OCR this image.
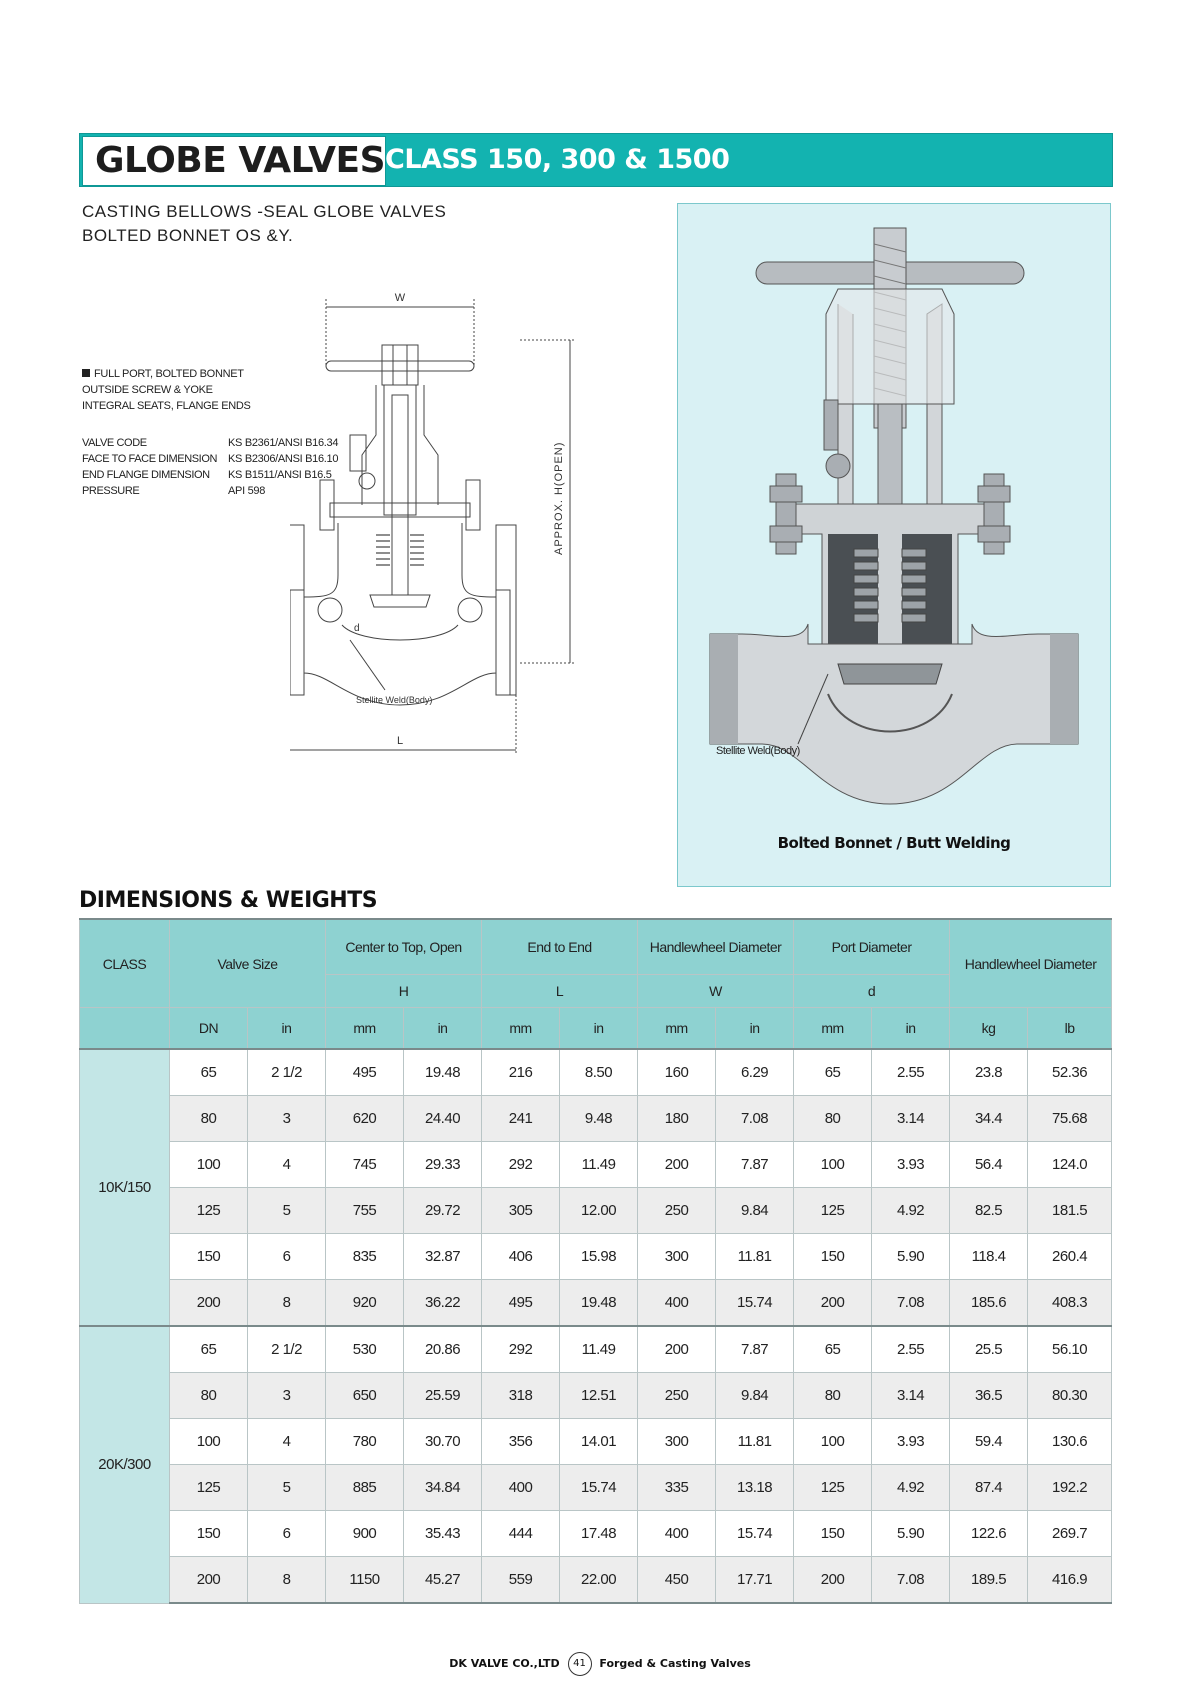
GLOBE VALVES CLASS 150, 300 & 1500
CASTING BELLOWS -SEAL GLOBE VALVES
BOLTED BONNET OS &Y.
FULL PORT, BOLTED BONNET
OUTSIDE SCREW & YOKE
INTEGRAL SEATS, FLANGE ENDS
VALVE CODE	KS B2361/ANSI B16.34
FACE TO FACE DIMENSION KS B2306/ANSI B16.10
END FLANGE DIMENSION	KS B1511/ANSI B16.5
PRESSURE	API 598
W
APPROX. H(OPEN)
d
Stellite Weld(Body)
L
Stellite Weld(Body)
Bolted Bonnet / Butt Welding
DIMENSIONS & WEIGHTS
CLASS	Valve Size		Center to Top, Open		End to End		Handlewheel Diameter		Port Diameter		Handlewheel Diameter	
			H		L		W		d			
	DN	in	mm	in	mm	in	mm	in	mm	in	kg	lb
10K/150	65	2 1/2	495	19.48	216	8.50	160	6.29	65	2.55	23.8	52.36
	80	3	620	24.40	241	9.48	180	7.08	80	3.14	34.4	75.68
	100	4	745	29.33	292	11.49	200	7.87	100	3.93	56.4	124.0
	125	5	755	29.72	305	12.00	250	9.84	125	4.92	82.5	181.5
	150	6	835	32.87	406	15.98	300	11.81	150	5.90	118.4	260.4
	200	8	920	36.22	495	19.48	400	15.74	200	7.08	185.6	408.3
20K/300	65	2 1/2	530	20.86	292	11.49	200	7.87	65	2.55	25.5	56.10
	80	3	650	25.59	318	12.51	250	9.84	80	3.14	36.5	80.30
	100	4	780	30.70	356	14.01	300	11.81	100	3.93	59.4	130.6
	125	5	885	34.84	400	15.74	335	13.18	125	4.92	87.4	192.2
	150	6	900	35.43	444	17.48	400	15.74	150	5.90	122.6	269.7
	200	8	1150	45.27	559	22.00	450	17.71	200	7.08	189.5	416.9
DK VALVE CO.,LTD 41 Forged & Casting Valves
